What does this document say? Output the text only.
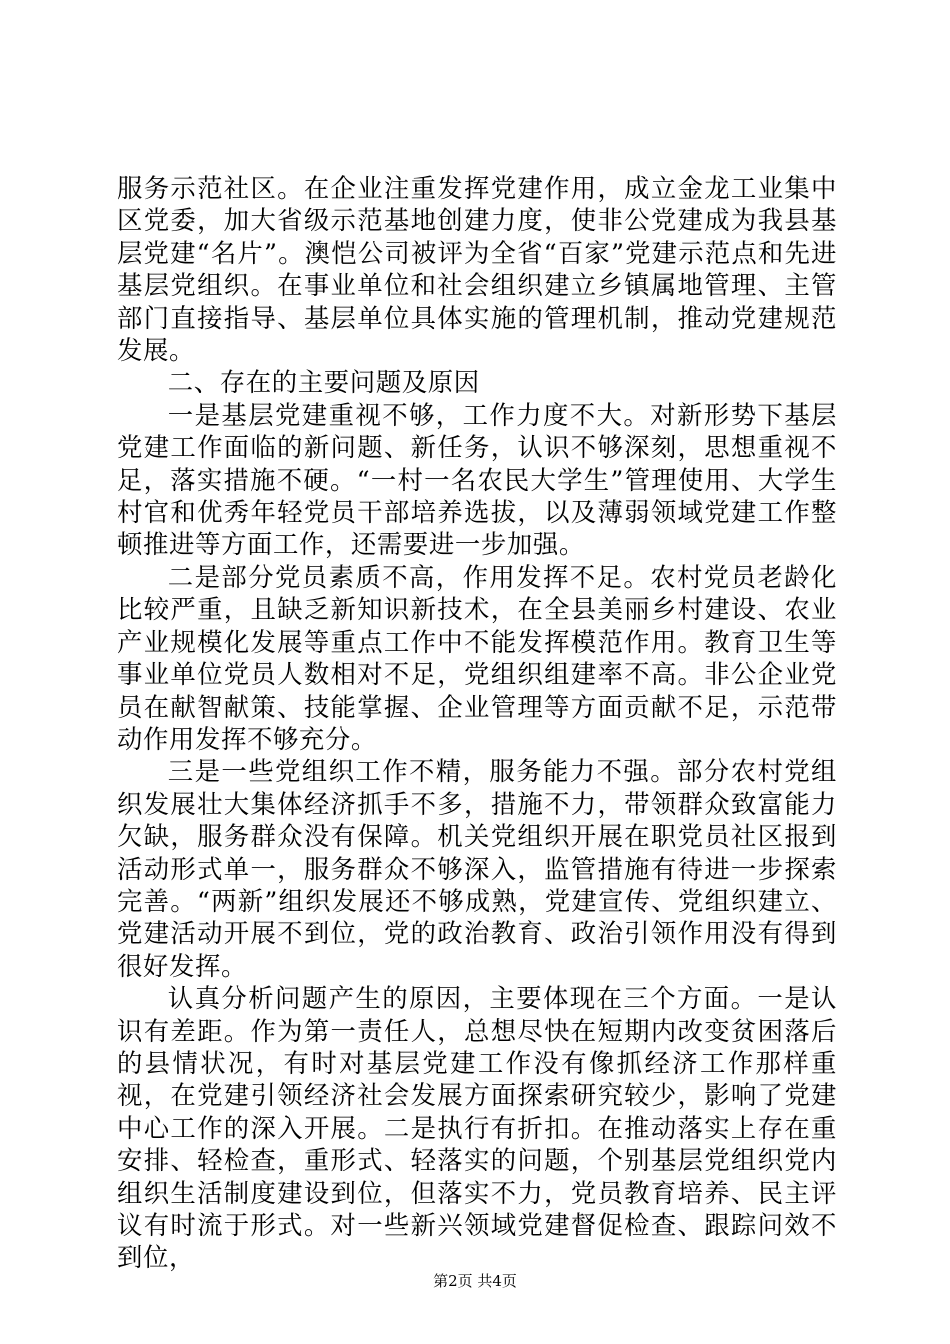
服务示范社区。在企业注重发挥党建作用，成立金龙工业集中区党委，加大省级示范基地创建力度，使非公党建成为我县基层党建“名片”。澳恺公司被评为全省“百家”党建示范点和先进基层党组织。在事业单位和社会组织建立乡镇属地管理、主管部门直接指导、基层单位具体实施的管理机制，推动党建规范发展。

二、存在的主要问题及原因

一是基层党建重视不够，工作力度不大。对新形势下基层党建工作面临的新问题、新任务，认识不够深刻，思想重视不足，落实措施不硬。“一村一名农民大学生”管理使用、大学生村官和优秀年轻党员干部培养选拔，以及薄弱领域党建工作整顿推进等方面工作，还需要进一步加强。

二是部分党员素质不高，作用发挥不足。农村党员老龄化比较严重，且缺乏新知识新技术，在全县美丽乡村建设、农业产业规模化发展等重点工作中不能发挥模范作用。教育卫生等事业单位党员人数相对不足，党组织组建率不高。非公企业党员在献智献策、技能掌握、企业管理等方面贡献不足，示范带动作用发挥不够充分。

三是一些党组织工作不精，服务能力不强。部分农村党组织发展壮大集体经济抓手不多，措施不力，带领群众致富能力欠缺，服务群众没有保障。机关党组织开展在职党员社区报到活动形式单一，服务群众不够深入，监管措施有待进一步探索完善。“两新”组织发展还不够成熟，党建宣传、党组织建立、党建活动开展不到位，党的政治教育、政治引领作用没有得到很好发挥。

认真分析问题产生的原因，主要体现在三个方面。一是认识有差距。作为第一责任人，总想尽快在短期内改变贫困落后的县情状况，有时对基层党建工作没有像抓经济工作那样重视，在党建引领经济社会发展方面探索研究较少，影响了党建中心工作的深入开展。二是执行有折扣。在推动落实上存在重安排、轻检查，重形式、轻落实的问题，个别基层党组织党内组织生活制度建设到位，但落实不力，党员教育培养、民主评议有时流于形式。对一些新兴领域党建督促检查、跟踪问效不到位，

第2页 共4页
